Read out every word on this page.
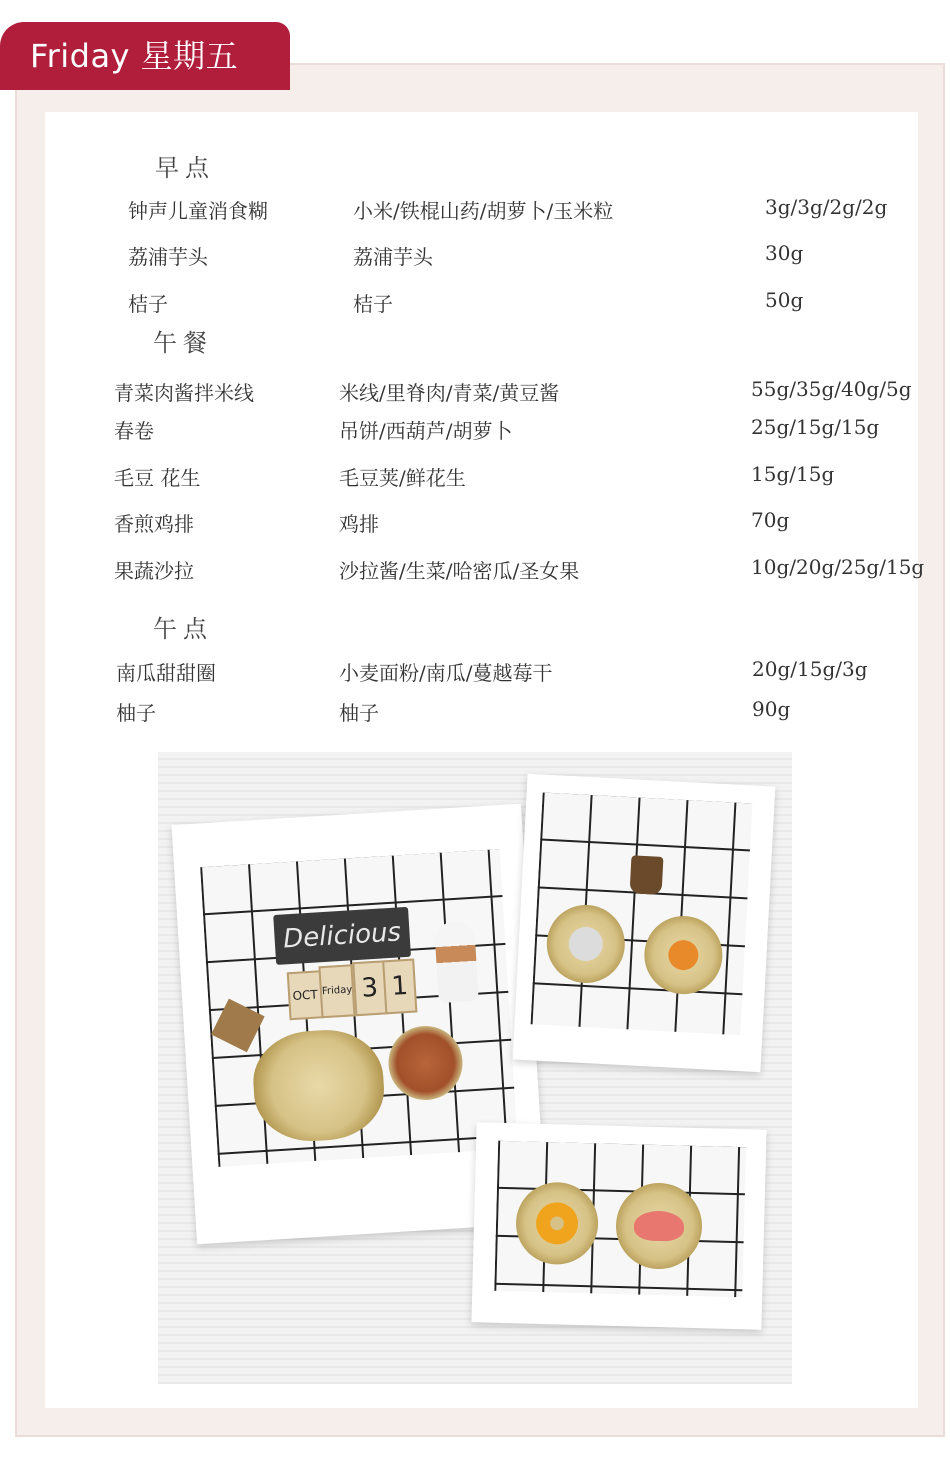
Friday 星期五
早点
钟声儿童消食糊	小米/铁棍山药/胡萝卜/玉米粒	3g/3g/2g/2g
荔浦芋头	荔浦芋头	30g
桔子	桔子	50g
午餐
青菜肉酱拌米线	米线/里脊肉/青菜/黄豆酱	55g/35g/40g/5g
春卷	吊饼/西葫芦/胡萝卜	25g/15g/15g
毛豆 花生	毛豆荚/鲜花生	15g/15g
香煎鸡排	鸡排	70g
果蔬沙拉	沙拉酱/生菜/哈密瓜/圣女果	10g/20g/25g/15g
午点
南瓜甜甜圈	小麦面粉/南瓜/蔓越莓干	20g/15g/3g
柚子	柚子	90g
Delicious
OCT Friday 3 1
